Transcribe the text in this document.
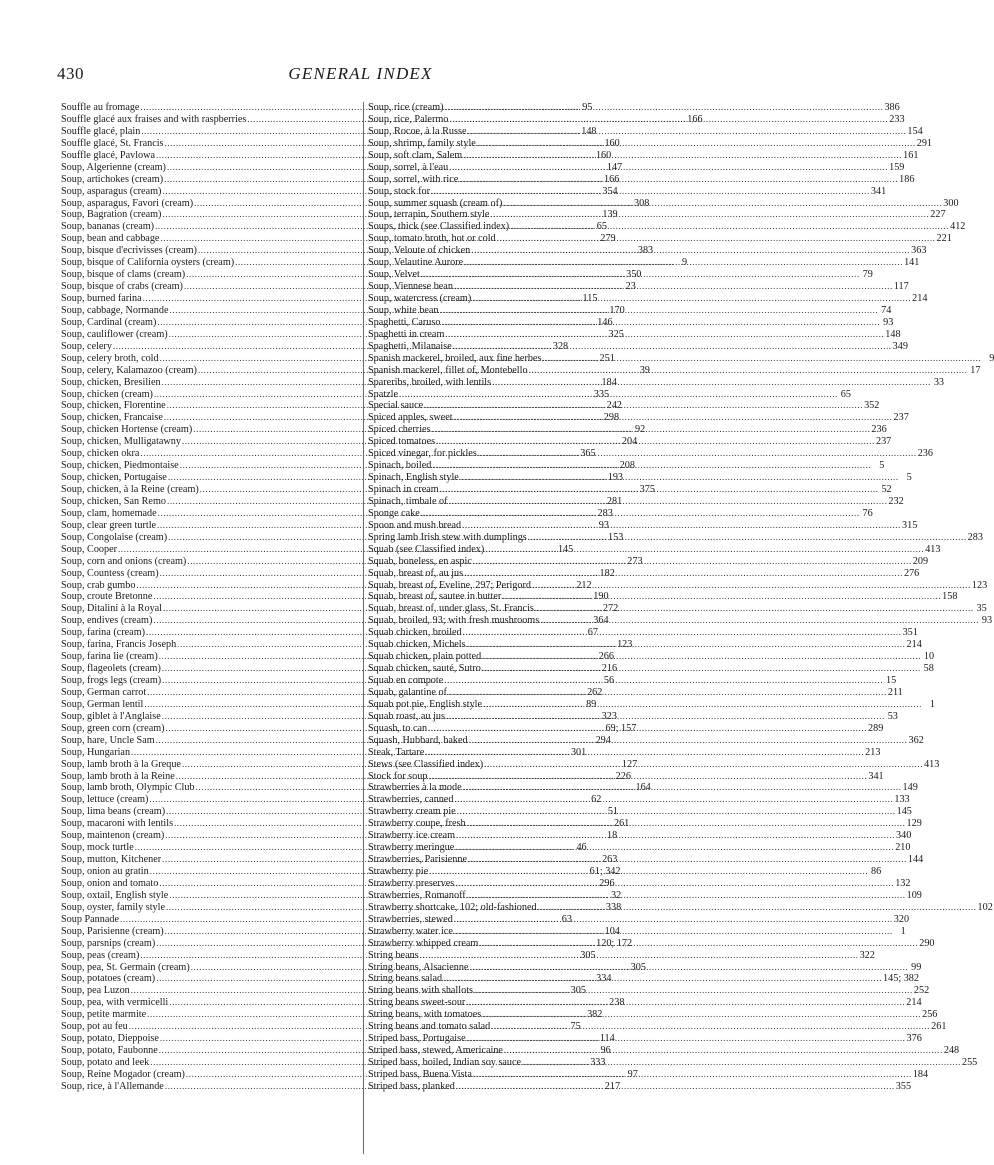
430	GENERAL INDEX
Souffle au fromage .....	95
Souffle glacé aux fraises and with raspberries .....	166
Souffle glacé, plain .....	148
Souffle glacé, St. Francis .....	160
Souffle glacé, Pavlowa .....	160
Soup, Algerienne (cream) .....	147
Soup, artichokes (cream) .....	166
Soup, asparagus (cream) .....	354
Soup, asparagus, Favori (cream) .....	308
Soup, Bagration (cream) .....	139
Soup, bananas (cream) .....	65
Soup, bean and cabbage .....	279
Soup, bisque d'ecrivisses (cream) .....	383
Soup, bisque of California oysters (cream) .....	9
Soup, bisque of clams (cream) .....	350
Soup, bisque of crabs (cream) .....	23
Soup, burned farina .....	115
Soup, cabbage, Normande .....	170
Soup, Cardinal (cream) .....	146
Soup, cauliflower (cream) .....	325
Soup, celery .....	328
Soup, celery broth, cold .....	251
Soup, celery, Kalamazoo (cream) .....	39
Soup, chicken, Bresilien .....	184
Soup, chicken (cream) .....	335
Soup, chicken, Florentine .....	242
Soup, chicken, Francaise .....	298
Soup, chicken Hortense (cream) .....	92
Soup, chicken, Mulligatawny .....	204
Soup, chicken okra .....	365
Soup, chicken, Piedmontaise .....	208
Soup, chicken, Portugaise .....	193
Soup, chicken, à la Reine (cream) .....	375
Soup, chicken, San Remo .....	281
Soup, clam, homemade .....	283
Soup, clear green turtle .....	93
Soup, Congolaise (cream) .....	153
Soup, Cooper .....	145
Soup, corn and onions (cream) .....	273
Soup, Countess (cream) .....	182
Soup, crab gumbo .....	212
Soup, croute Bretonne .....	190
Soup, Ditalini à la Royal .....	272
Soup, endives (cream) .....	364
Soup, farina (cream) .....	67
Soup, farina, Francis Joseph .....	123
Soup, farina lie (cream) .....	266
Soup, flageolets (cream) .....	216
Soup, frogs legs (cream) .....	56
Soup, German carrot .....	262
Soup, German lentil .....	89
Soup, giblet à l'Anglaise .....	323
Soup, green corn (cream) .....	69; 157
Soup, hare, Uncle Sam .....	294
Soup, Hungarian .....	301
Soup, lamb broth à la Greque .....	127
Soup, lamb broth à la Reine .....	226
Soup, lamb broth, Olympic Club .....	164
Soup, lettuce (cream) .....	62
Soup, lima beans (cream) .....	51
Soup, macaroni with lentils .....	261
Soup, maintenon (cream) .....	18
Soup, mock turtle .....	46
Soup, mutton, Kitchener .....	263
Soup, onion au gratin .....	61; 342
Soup, onion and tomato .....	296
Soup, oxtail, English style .....	32
Soup, oyster, family style .....	338
Soup Pannade .....	63
Soup, Parisienne (cream) .....	104
Soup, parsnips (cream) .....	120; 172
Soup, peas (cream) .....	305
Soup, pea, St. Germain (cream) .....	305
Soup, potatoes (cream) .....	334
Soup, pea Luzon .....	305
Soup, pea, with vermicelli .....	238
Soup, petite marmite .....	382
Soup, pot au feu .....	75
Soup, potato, Dieppoise .....	114
Soup, potato, Faubonne .....	96
Soup, potato and leek .....	333
Soup, Reine Mogador (cream) .....	97
Soup, rice, à l'Allemande .....	217
Soup, rice (cream) .....	386
Soup, rice, Palermo .....	233
Soup, Rocoe, à la Russe .....	154
Soup, shrimp, family style .....	291
Soup, soft clam, Salem .....	161
Soup, sorrel, à l'eau .....	159
Soup, sorrel, with rice .....	186
Soup, stock for .....	341
Soup, summer squash (cream of) .....	300
Soup, terrapin, Southern style .....	227
Soups, thick (see Classified index) .....	412
Soup, tomato broth, hot or cold .....	221
Soup, Veloute of chicken .....	363
Soup, Velautine Aurore .....	141
Soup, Velvet .....	79
Soup, Viennese bean .....	117
Soup, watercress (cream) .....	214
Soup, white bean .....	74
Spaghetti, Caruso .....	93
Spaghetti in cream .....	148
Spaghetti, Milanaise .....	349
Spanish mackerel, broiled, aux fine herbes .....	9
Spanish mackerel, fillet of, Montebello .....	17
Spareribs, broiled, with lentils .....	33
Spatzle .....	65
Special sauce .....	352
Spiced apples, sweet .....	237
Spiced cherries .....	236
Spiced tomatoes .....	237
Spiced vinegar, for pickles .....	236
Spinach, boiled .....	5
Spinach, English style .....	5
Spinach in cream .....	52
Spinach, timbale of .....	232
Sponge cake .....	76
Spoon and mush bread .....	315
Spring lamb Irish stew with dumplings .....	283
Squab (see Classified index) .....	413
Squab, boneless, en aspic .....	209
Squab, breast of, au jus .....	276
Squab, breast of, Eveline, 297; Perigord .....	123
Squab, breast of, sautee in butter .....	158
Squab, breast of, under glass, St. Francis .....	35
Squab, broiled, 93; with fresh mushrooms .....	93
Squab chicken, broiled .....	351
Squab chicken, Michels .....	214
Squab chicken, plain potted .....	10
Squab chicken, sauté, Sutro .....	58
Squab en compote .....	15
Squab, galantine of .....	211
Squab pot pie, English style .....	1
Squab roast, au jus .....	53
Squash, to can .....	289
Squash, Hubbard, baked .....	362
Steak, Tartare .....	213
Stews (see Classified index) .....	413
Stock for soup .....	341
Strawberries à la mode .....	149
Strawberries, canned .....	133
Strawberry cream pie .....	145
Strawberry coupe, fresh .....	129
Strawberry ice cream .....	340
Strawberry meringue .....	210
Strawberries, Parisienne .....	144
Strawberry pie .....	86
Strawberry preserves .....	132
Strawberries, Romanoff .....	109
Strawberry shortcake, 102; old-fashioned .....	102
Strawberries, stewed .....	320
Strawberry water ice .....	1
Strawberry whipped cream .....	290
String beans .....	322
String beans, Alsacienne .....	99
String beans salad .....	145; 382
String beans with shallots .....	252
String beans sweet-sour .....	214
String beans, with tomatoes .....	256
String beans and tomato salad .....	261
Striped bass, Portugaise .....	376
Striped bass, stewed, Americaine .....	248
Striped bass, boiled, Indian soy sauce .....	255
Striped bass, Buena Vista .....	184
Striped bass, planked .....	355
